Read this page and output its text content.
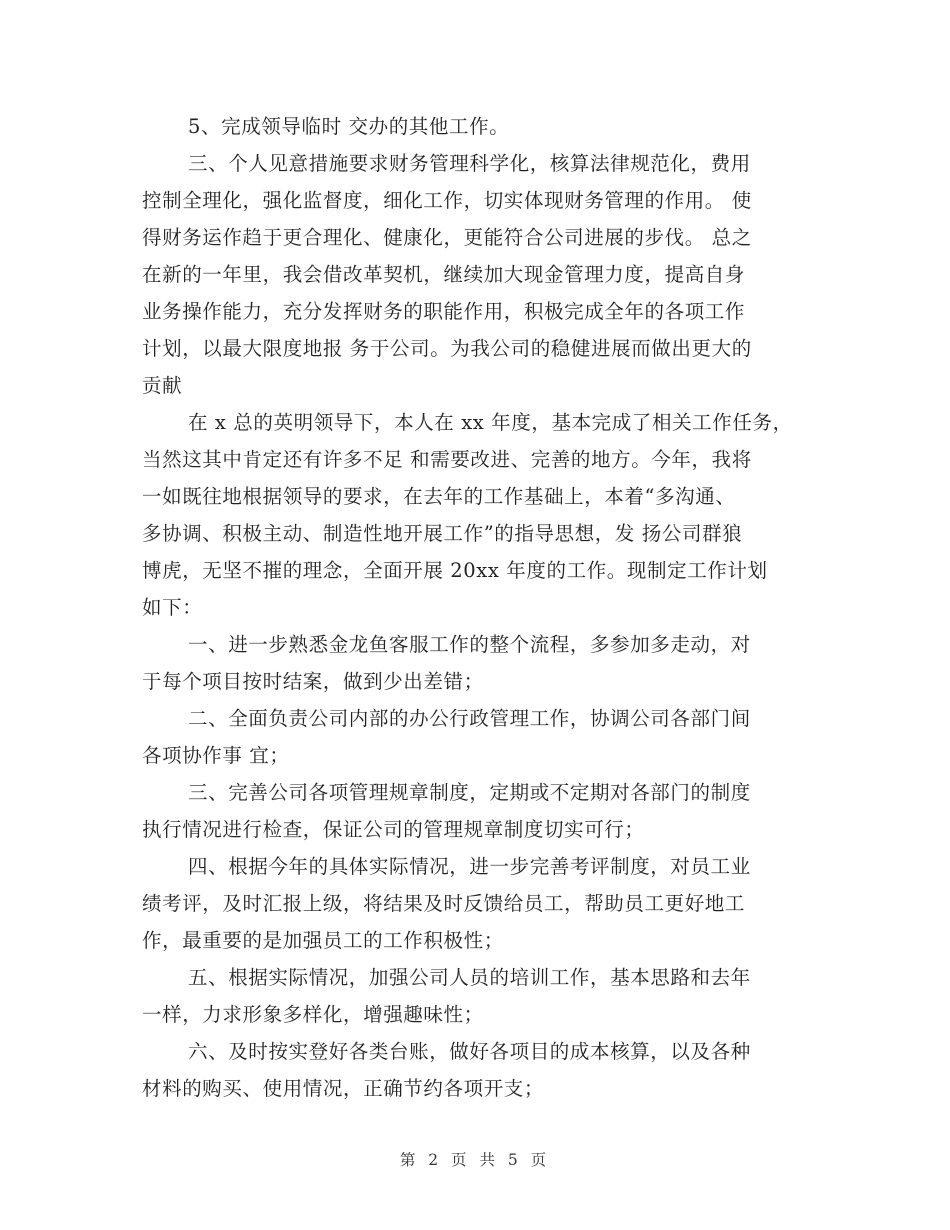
5、完成领导临时 交办的其他工作。
三、个人见意措施要求财务管理科学化，核算法律规范化，费用
控制全理化，强化监督度，细化工作，切实体现财务管理的作用。 使
得财务运作趋于更合理化、健康化，更能符合公司进展的步伐。 总之
在新的一年里，我会借改革契机，继续加大现金管理力度，提高自身
业务操作能力，充分发挥财务的职能作用，积极完成全年的各项工作
计划，以最大限度地报 务于公司。为我公司的稳健进展而做出更大的
贡献
在 x 总的英明领导下，本人在 xx 年度，基本完成了相关工作任务，
当然这其中肯定还有许多不足 和需要改进、完善的地方。今年，我将
一如既往地根据领导的要求，在去年的工作基础上，本着“多沟通、
多协调、积极主动、制造性地开展工作”的指导思想，发 扬公司群狼
博虎，无坚不摧的理念，全面开展 20xx 年度的工作。现制定工作计划
如下：
一、进一步熟悉金龙鱼客服工作的整个流程，多参加多走动，对
于每个项目按时结案，做到少出差错；
二、全面负责公司内部的办公行政管理工作，协调公司各部门间
各项协作事 宜；
三、完善公司各项管理规章制度，定期或不定期对各部门的制度
执行情况进行检查，保证公司的管理规章制度切实可行；
四、根据今年的具体实际情况，进一步完善考评制度，对员工业
绩考评，及时汇报上级，将结果及时反馈给员工，帮助员工更好地工
作，最重要的是加强员工的工作积极性；
五、根据实际情况，加强公司人员的培训工作，基本思路和去年
一样，力求形象多样化，增强趣味性；
六、及时按实登好各类台账，做好各项目的成本核算，以及各种
材料的购买、使用情况，正确节约各项开支；
第 2 页 共 5 页
